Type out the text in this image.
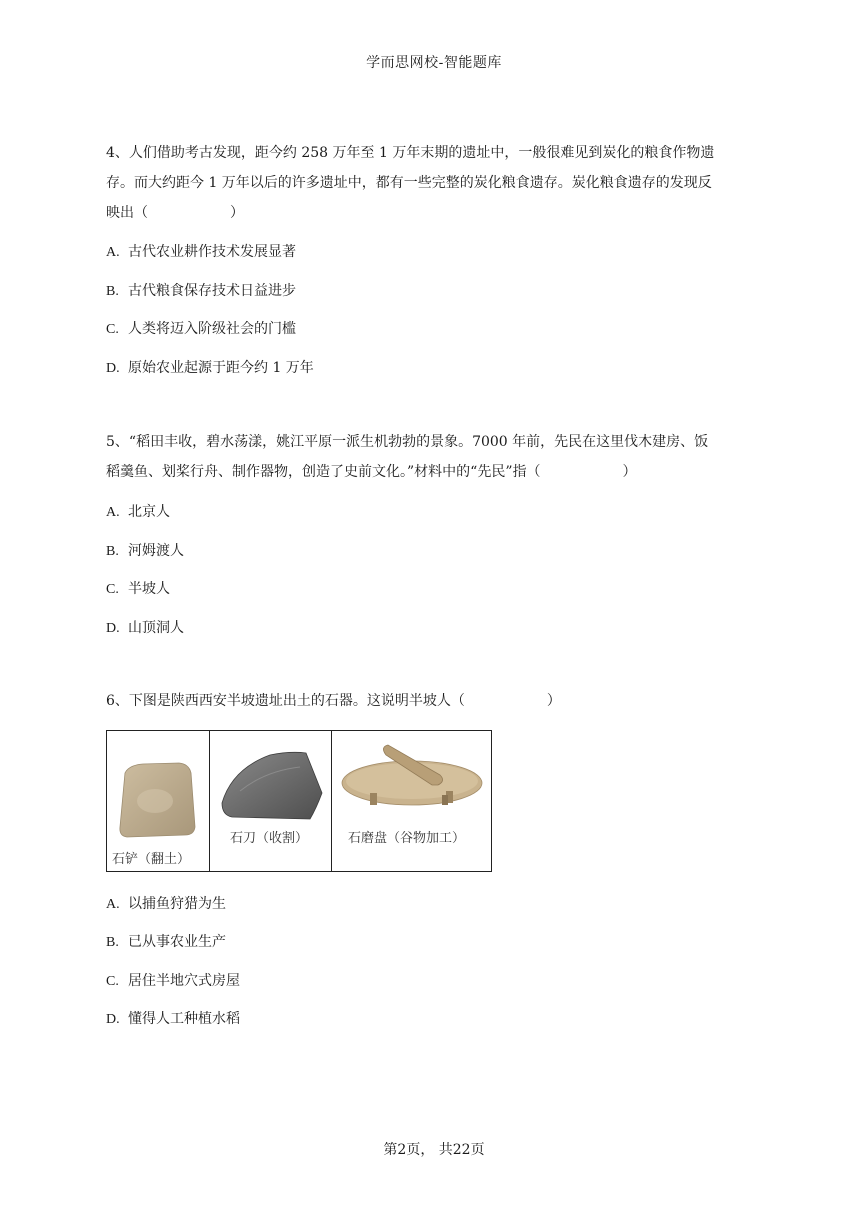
学而思网校-智能题库
4、人们借助考古发现，距今约 258 万年至 1 万年末期的遗址中，一般很难见到炭化的粮食作物遗
存。而大约距今 1 万年以后的许多遗址中，都有一些完整的炭化粮食遗存。炭化粮食遗存的发现反
映出（	）
A. 古代农业耕作技术发展显著
B. 古代粮食保存技术日益进步
C. 人类将迈入阶级社会的门槛
D. 原始农业起源于距今约 1 万年
5、“稻田丰收，碧水荡漾，姚江平原一派生机勃勃的景象。7000 年前，先民在这里伐木建房、饭
稻羹鱼、划桨行舟、制作器物，创造了史前文化。”材料中的“先民”指（	）
A. 北京人
B. 河姆渡人
C. 半坡人
D. 山顶洞人
6、下图是陕西西安半坡遗址出土的石器。这说明半坡人（	）
石铲（翻土）
石刀（收割）	石磨盘（谷物加工）
A. 以捕鱼狩猎为生
B. 已从事农业生产
C. 居住半地穴式房屋
D. 懂得人工种植水稻
第2页， 共22页
